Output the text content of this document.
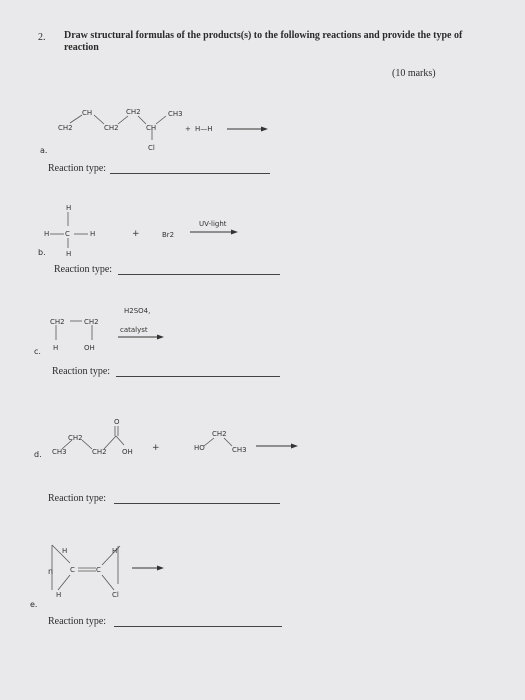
2. Draw structural formulas of the products(s) to the following reactions and provide the type of reaction
(10 marks)
a.
b.
c.
d.
e.
Reaction type:
Reaction type:
Reaction type:
Reaction type:
Reaction type:
CH
CH2	CH2	CH
CH2	CH3
Cl
+ H—H
H
H C	H
H
+	Br2
UV-light
CH2	CH2
H	OH
H2SO4,
catalyst
CH2
CH3	CH2
O
OH +	HO
CH2
CH3
H	H
n C	C
H	Cl
